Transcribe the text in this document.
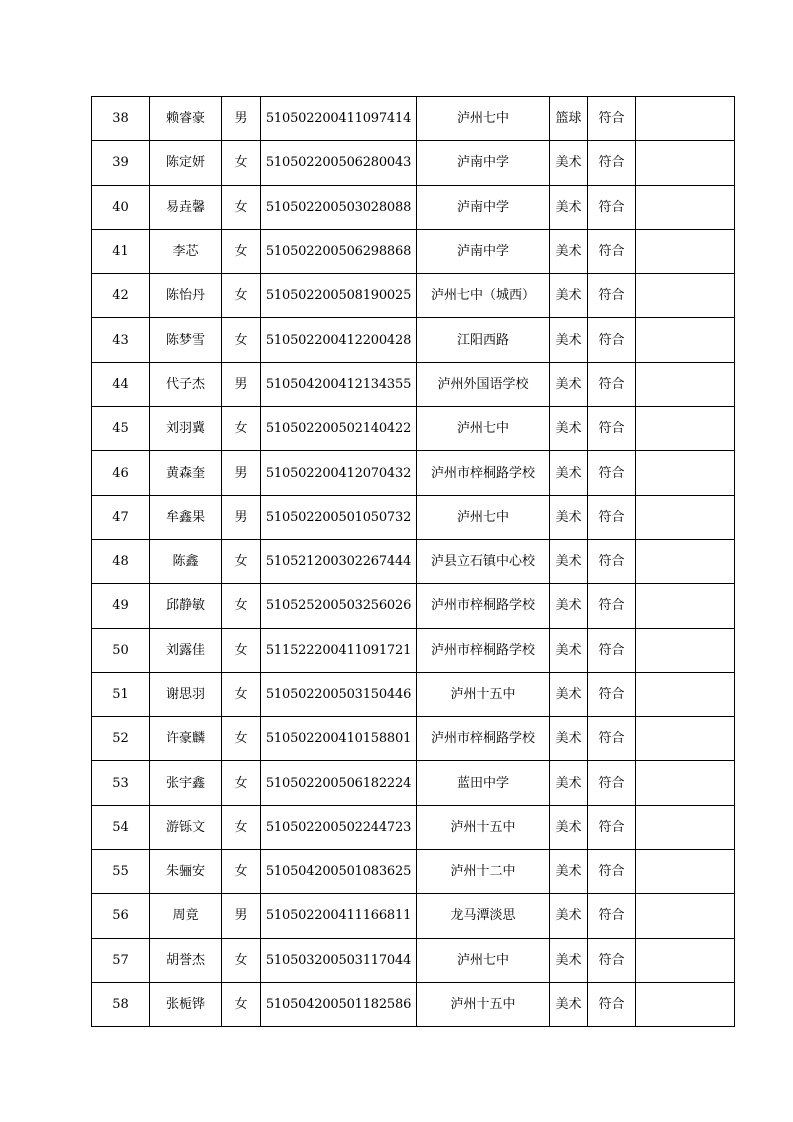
38	赖睿豪	男	510502200411097414	泸州七中	篮球	符合	
39	陈定妍	女	510502200506280043	泸南中学	美术	符合	
40	易垚馨	女	510502200503028088	泸南中学	美术	符合	
41	李芯	女	510502200506298868	泸南中学	美术	符合	
42	陈怡丹	女	510502200508190025	泸州七中（城西）	美术	符合	
43	陈梦雪	女	510502200412200428	江阳西路	美术	符合	
44	代子杰	男	510504200412134355	泸州外国语学校	美术	符合	
45	刘羽冀	女	510502200502140422	泸州七中	美术	符合	
46	黄森奎	男	510502200412070432	泸州市梓桐路学校	美术	符合	
47	牟鑫果	男	510502200501050732	泸州七中	美术	符合	
48	陈鑫	女	510521200302267444	泸县立石镇中心校	美术	符合	
49	邱静敏	女	510525200503256026	泸州市梓桐路学校	美术	符合	
50	刘露佳	女	511522200411091721	泸州市梓桐路学校	美术	符合	
51	谢思羽	女	510502200503150446	泸州十五中	美术	符合	
52	许豪麟	女	510502200410158801	泸州市梓桐路学校	美术	符合	
53	张宇鑫	女	510502200506182224	蓝田中学	美术	符合	
54	游铄文	女	510502200502244723	泸州十五中	美术	符合	
55	朱骊安	女	510504200501083625	泸州十二中	美术	符合	
56	周竟	男	510502200411166811	龙马潭淡思	美术	符合	
57	胡誉杰	女	510503200503117044	泸州七中	美术	符合	
58	张栀铧	女	510504200501182586	泸州十五中	美术	符合	
